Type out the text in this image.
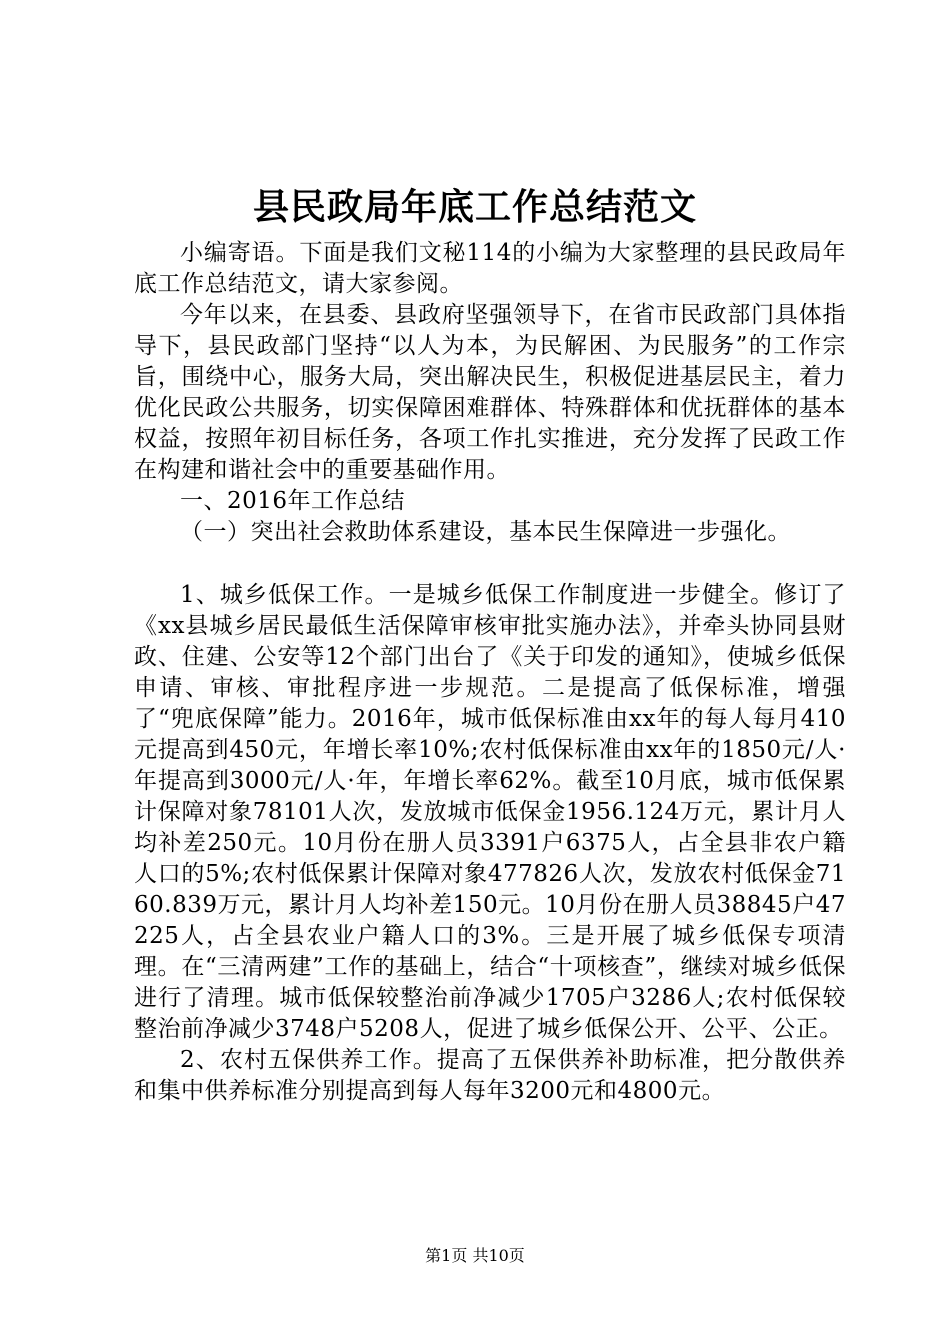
县民政局年底工作总结范文

小编寄语。下面是我们文秘114的小编为大家整理的县民政局年底工作总结范文，请大家参阅。

今年以来，在县委、县政府坚强领导下，在省市民政部门具体指导下，县民政部门坚持“以人为本，为民解困、为民服务”的工作宗旨，围绕中心，服务大局，突出解决民生，积极促进基层民主，着力优化民政公共服务，切实保障困难群体、特殊群体和优抚群体的基本权益，按照年初目标任务，各项工作扎实推进，充分发挥了民政工作在构建和谐社会中的重要基础作用。

一、2016年工作总结

（一）突出社会救助体系建设，基本民生保障进一步强化。

1、城乡低保工作。一是城乡低保工作制度进一步健全。修订了《xx县城乡居民最低生活保障审核审批实施办法》，并牵头协同县财政、住建、公安等12个部门出台了《关于印发的通知》，使城乡低保申请、审核、审批程序进一步规范。二是提高了低保标准，增强了“兜底保障”能力。2016年，城市低保标准由xx年的每人每月410元提高到450元，年增长率10%;农村低保标准由xx年的1850元/人·年提高到3000元/人·年，年增长率62%。截至10月底，城市低保累计保障对象78101人次，发放城市低保金1956.124万元，累计月人均补差250元。10月份在册人员3391户6375人，占全县非农户籍人口的5%;农村低保累计保障对象477826人次，发放农村低保金7160.839万元，累计月人均补差150元。10月份在册人员38845户47225人，占全县农业户籍人口的3%。三是开展了城乡低保专项清理。在“三清两建”工作的基础上，结合“十项核查”，继续对城乡低保进行了清理。城市低保较整治前净减少1705户3286人;农村低保较整治前净减少3748户5208人，促进了城乡低保公开、公平、公正。

2、农村五保供养工作。提高了五保供养补助标准，把分散供养和集中供养标准分别提高到每人每年3200元和4800元。

第1页 共10页
